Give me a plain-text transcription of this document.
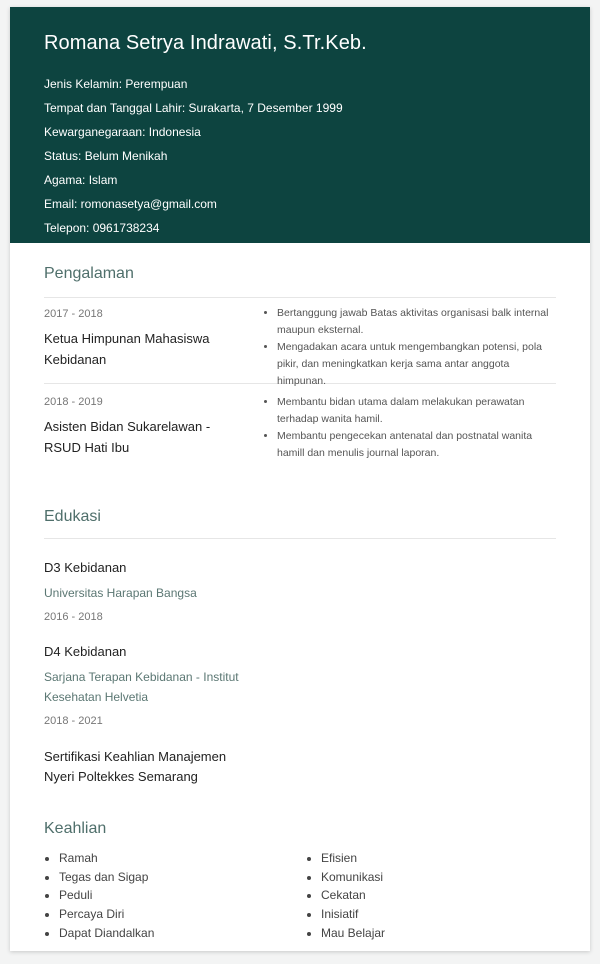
Romana Setrya Indrawati, S.Tr.Keb.
Jenis Kelamin: Perempuan
Tempat dan Tanggal Lahir: Surakarta, 7 Desember 1999
Kewarganegaraan: Indonesia
Status: Belum Menikah
Agama: Islam
Email: romonasetya@gmail.com
Telepon: 0961738234
Pengalaman
2017 - 2018
Ketua Himpunan Mahasiswa Kebidanan
• Bertanggung jawab Batas aktivitas organisasi balk internal maupun eksternal.
• Mengadakan acara untuk mengembangkan potensi, pola pikir, dan meningkatkan kerja sama antar anggota himpunan.
2018 - 2019
Asisten Bidan Sukarelawan - RSUD Hati Ibu
• Membantu bidan utama dalam melakukan perawatan terhadap wanita hamil.
• Membantu pengecekan antenatal dan postnatal wanita hamill dan menulis journal laporan.
Edukasi
D3 Kebidanan
Universitas Harapan Bangsa
2016 - 2018
D4 Kebidanan
Sarjana Terapan Kebidanan - Institut Kesehatan Helvetia
2018 - 2021
Sertifikasi Keahlian Manajemen Nyeri Poltekkes Semarang
Keahlian
• Ramah
• Tegas dan Sigap
• Peduli
• Percaya Diri
• Dapat Diandalkan
• Efisien
• Komunikasi
• Cekatan
• Inisiatif
• Mau Belajar
